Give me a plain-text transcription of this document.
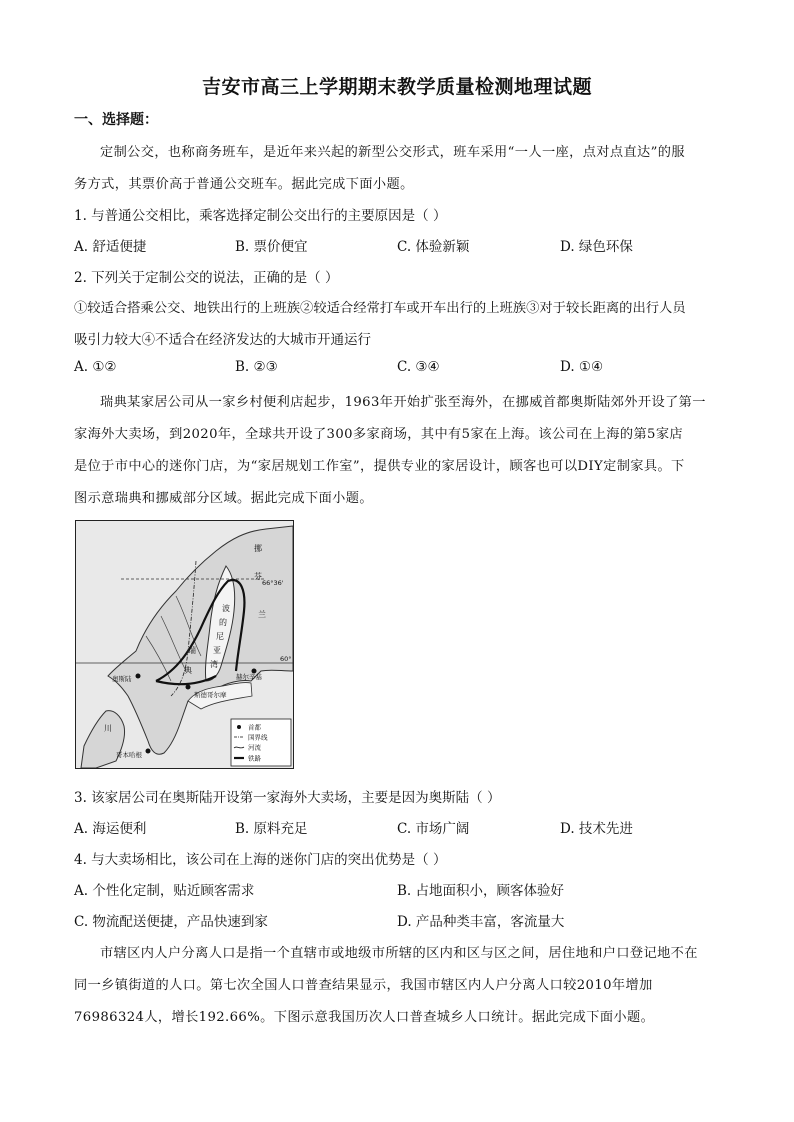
吉安市高三上学期期末教学质量检测地理试题
一、选择题：
定制公交，也称商务班车，是近年来兴起的新型公交形式，班车采用“一人一座，点对点直达”的服
务方式，其票价高于普通公交班车。据此完成下面小题。
1. 与普通公交相比，乘客选择定制公交出行的主要原因是（ ）
A. 舒适便捷	B. 票价便宜	C. 体验新颖	D. 绿色环保
2. 下列关于定制公交的说法，正确的是（ ）
①较适合搭乘公交、地铁出行的上班族②较适合经常打车或开车出行的上班族③对于较长距离的出行人员
吸引力较大④不适合在经济发达的大城市开通运行
A. ①②	B. ②③	C. ③④	D. ①④
瑞典某家居公司从一家乡村便利店起步，1963年开始扩张至海外，在挪威首都奥斯陆郊外开设了第一
家海外大卖场，到2020年，全球共开设了300多家商场，其中有5家在上海。该公司在上海的第5家店
是位于市中心的迷你门店，为“家居规划工作室”，提供专业的家居设计，顾客也可以DIY定制家具。下
图示意瑞典和挪威部分区域。据此完成下面小题。
挪
芬
兰
波
的
尼
亚
湾
瑞
典
奥斯陆
斯德哥尔摩
赫尔辛基
哥本哈根
川
66°36'
60°
首都
国界线
河流
铁路
3. 该家居公司在奥斯陆开设第一家海外大卖场，主要是因为奥斯陆（ ）
A. 海运便利	B. 原料充足	C. 市场广阔	D. 技术先进
4. 与大卖场相比，该公司在上海的迷你门店的突出优势是（ ）
A. 个性化定制，贴近顾客需求	B. 占地面积小，顾客体验好
C. 物流配送便捷，产品快速到家	D. 产品种类丰富，客流量大
市辖区内人户分离人口是指一个直辖市或地级市所辖的区内和区与区之间，居住地和户口登记地不在
同一乡镇街道的人口。第七次全国人口普查结果显示，我国市辖区内人户分离人口较2010年增加
76986324人，增长192.66%。下图示意我国历次人口普查城乡人口统计。据此完成下面小题。
